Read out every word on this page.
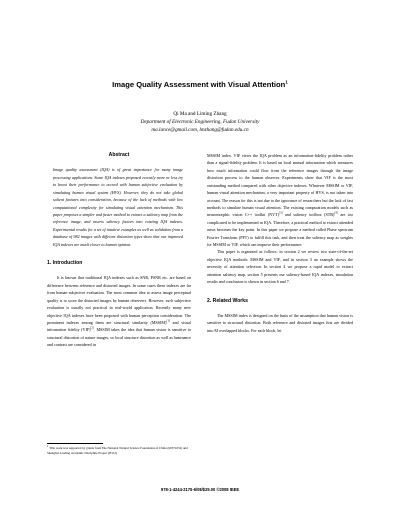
Image Quality Assessment with Visual Attention$^1$
Qi Ma and Liming Zhang
Department of Electronic Engineering, Fudan University
ma.lance@gmail.com, lmzhang@fudan.edu.cn
Abstract

Image quality assessment (IQA) is of great importance for many image processing applications. Some IQA indexes proposed recently more or less try to boost their performance to accord with human subjective evaluation by simulating human visual system (HVS). However, they do not take global salient features into consideration, because of the lack of methods with low computational complexity for simulating visual attention mechanism. This paper proposes a simpler and faster method to extract a saliency map from the reference image, and inserts saliency factors into existing IQA indexes. Experimental results for a set of intuitive examples as well as validation from a database of 982 images with different distortion types show that our improved IQA indexes are much closer to human opinion.

1. Introduction

It is known that traditional IQA indexes such as SNR, PSNR etc. are based on difference between reference and distorted images. In some cases these indexes are far from human subjective evaluation. The most common idea to assess image perceptual quality is to score the distorted images by human observers. However, such subjective evaluation is usually not practical in real-world application. Recently many new objective IQA indexes have been proposed with human perception consideration. The prominent indexes among them are structural similarity (MSSIM)[1] and visual information fidelity (VIF)[2]. MSSIM takes the idea that human vision is sensitive to structural distortion of nature images, so local structure distortion as well as luminance and contrast are considered in

MSSIM index. VIF views the IQA problem as an information-fidelity problem rather than a signal-fidelity problem. It is based on local mutual information which measures how much information could flow from the reference images through the image distortion process to the human observer. Experiments show that VIF is the most outstanding method compared with other objective indexes. Whatever MSSIM or VIF, human visual attention mechanism, a very important property of HVS, is not taken into account. The reason for this is not due to the ignorance of researchers but the lack of fast methods to simulate human visual attention. The existing computation models such as neuromorphic vision C++ toolkit (NVT)[3] and saliency toolbox (STB)[4] are too complicated to be implemented in IQA. Therefore, a practical method to extract attended areas becomes the key point. In this paper we propose a method called Phase spectrum Fourier Transform (PFT) to fulfill this task, and then treat the saliency map as weights for MSSIM or VIF, which can improve their performance.

This paper is organized as follows: in section 2 we review two state-of-the-art objective IQA methods: MSSIM and VIF, and in section 3 an example shows the necessity of attention selection. In section 4 we propose a rapid model to extract attention saliency map, section 5 presents our saliency-based IQA indexes, simulation results and conclusion is shown in section 6 and 7.

2. Related Works

The MSSIM index is designed on the basis of the assumption that human vision is sensitive to structural distortion. Both reference and distorted images first are divided into M overlapped blocks. For each block, let

$^1$ This work was supported by grants from The National Natural Science Foundation of China (60571052) and Shanghai Leading Academic Discipline Project (B112)
978-1-4244-2175-6/08/$25.00 ©2008 IEEE
